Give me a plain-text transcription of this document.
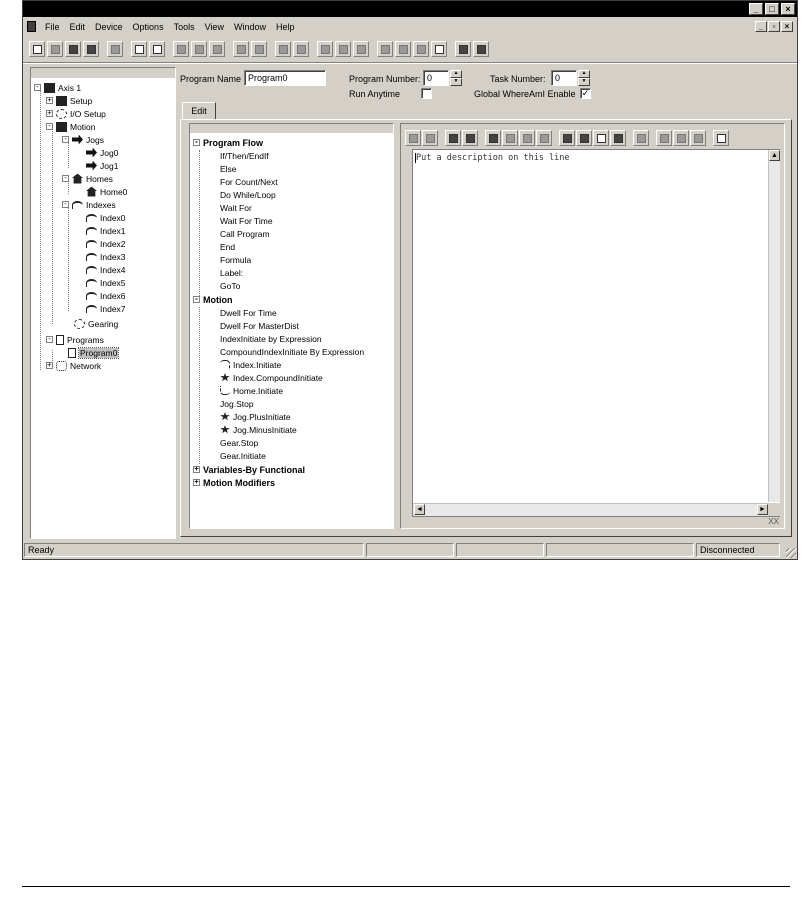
_	□	×
File Edit Device Options Tools View Window Help	_	▫	×
- Axis 1
+ Setup
+ I/O Setup
- Motion
- Jogs
Jog0
Jog1
- Homes
Home0
- Indexes
Index0
Index1
Index2
Index3
Index4
Index5
Index6
Index7
Gearing
- Programs
Program0
+ Network
Program Name Program0	Program Number: 0	▲
▼	Task Number:	0	▲
▼
Run Anytime	Global WhereAmI Enable ✓
Edit
- Program Flow
If/Then/EndIf
Else
For Count/Next
Do While/Loop
Wait For
Wait For Time
Call Program
End
Formula
Label:
GoTo
- Motion
Dwell For Time
Dwell For MasterDist
IndexInitiate by Expression
CompoundIndexInitiate By Expression
Index.Initiate
Index.CompoundInitiate
Home.Initiate
Jog.Stop
Jog.PlusInitiate
Jog.MinusInitiate
Gear.Stop
Gear.Initiate
+ Variables-By Functional
+ Motion Modifiers
Put a description on this line	▲
◄	►
XX
Ready	Disconnected
